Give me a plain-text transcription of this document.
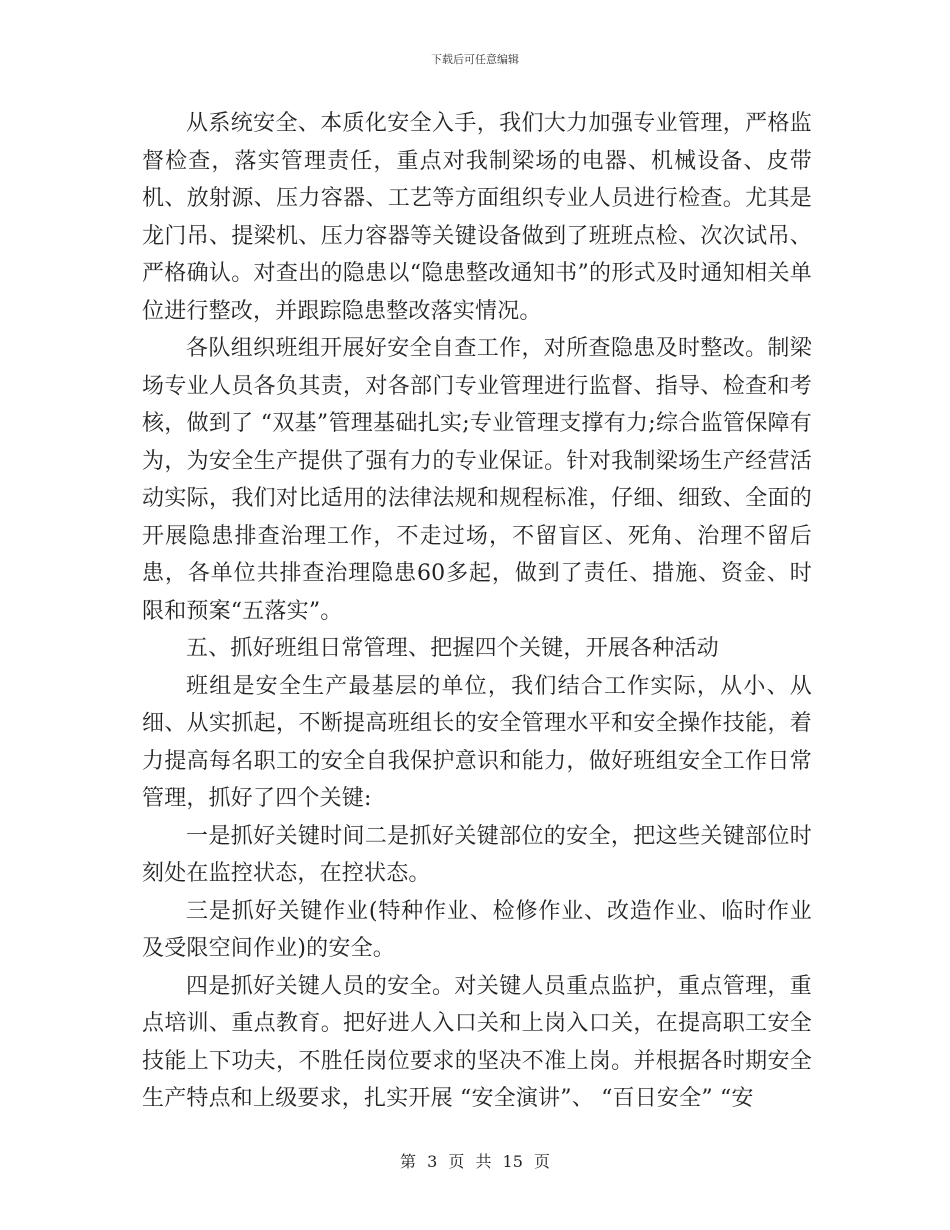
下载后可任意编辑

从系统安全、本质化安全入手，我们大力加强专业管理，严格监督检查，落实管理责任，重点对我制梁场的电器、机械设备、皮带机、放射源、压力容器、工艺等方面组织专业人员进行检查。尤其是龙门吊、提梁机、压力容器等关键设备做到了班班点检、次次试吊、严格确认。对查出的隐患以“隐患整改通知书”的形式及时通知相关单位进行整改，并跟踪隐患整改落实情况。

各队组织班组开展好安全自查工作，对所查隐患及时整改。制梁场专业人员各负其责，对各部门专业管理进行监督、指导、检查和考核，做到了 “双基”管理基础扎实;专业管理支撑有力;综合监管保障有为，为安全生产提供了强有力的专业保证。针对我制梁场生产经营活动实际，我们对比适用的法律法规和规程标准，仔细、细致、全面的开展隐患排查治理工作，不走过场，不留盲区、死角、治理不留后患，各单位共排查治理隐患60多起，做到了责任、措施、资金、时限和预案“五落实”。

五、抓好班组日常管理、把握四个关键，开展各种活动

班组是安全生产最基层的单位，我们结合工作实际，从小、从细、从实抓起，不断提高班组长的安全管理水平和安全操作技能，着力提高每名职工的安全自我保护意识和能力，做好班组安全工作日常管理，抓好了四个关键:

一是抓好关键时间二是抓好关键部位的安全，把这些关键部位时刻处在监控状态，在控状态。

三是抓好关键作业(特种作业、检修作业、改造作业、临时作业及受限空间作业)的安全。

四是抓好关键人员的安全。对关键人员重点监护，重点管理，重点培训、重点教育。把好进人入口关和上岗入口关，在提高职工安全技能上下功夫，不胜任岗位要求的坚决不准上岗。并根据各时期安全生产特点和上级要求，扎实开展 “安全演讲”、 “百日安全” “安

第 3 页 共 15 页
